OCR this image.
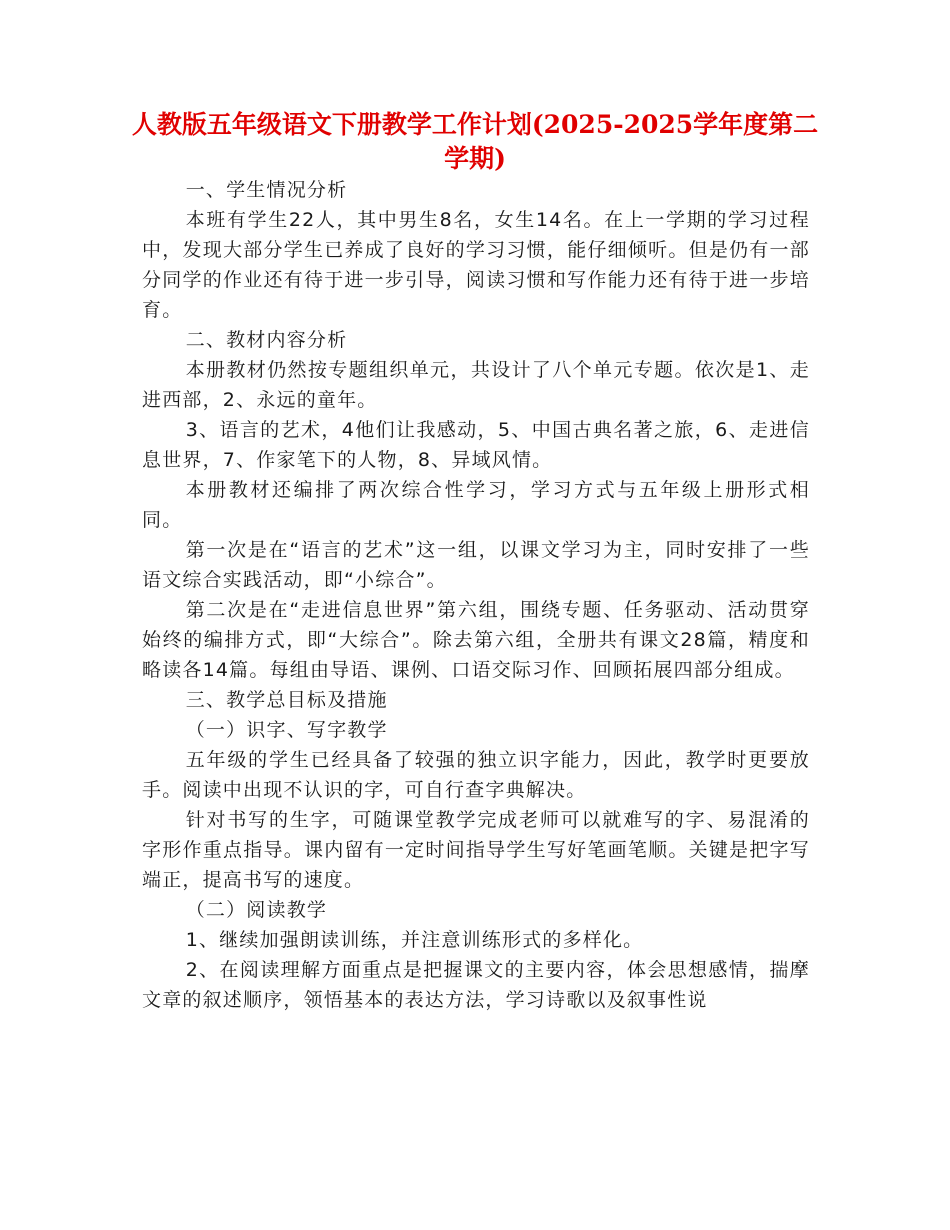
人教版五年级语文下册教学工作计划(2025-2025学年度第二学期)

一、学生情况分析

本班有学生22人，其中男生8名，女生14名。在上一学期的学习过程中，发现大部分学生已养成了良好的学习习惯，能仔细倾听。但是仍有一部分同学的作业还有待于进一步引导，阅读习惯和写作能力还有待于进一步培育。

二、教材内容分析

本册教材仍然按专题组织单元，共设计了八个单元专题。依次是1、走进西部，2、永远的童年。

3、语言的艺术，4他们让我感动，5、中国古典名著之旅，6、走进信息世界，7、作家笔下的人物，8、异域风情。

本册教材还编排了两次综合性学习，学习方式与五年级上册形式相同。

第一次是在“语言的艺术”这一组，以课文学习为主，同时安排了一些语文综合实践活动，即“小综合”。

第二次是在“走进信息世界”第六组，围绕专题、任务驱动、活动贯穿始终的编排方式，即“大综合”。除去第六组，全册共有课文28篇，精度和略读各14篇。每组由导语、课例、口语交际习作、回顾拓展四部分组成。

三、教学总目标及措施

（一）识字、写字教学

五年级的学生已经具备了较强的独立识字能力，因此，教学时更要放手。阅读中出现不认识的字，可自行查字典解决。

针对书写的生字，可随课堂教学完成老师可以就难写的字、易混淆的字形作重点指导。课内留有一定时间指导学生写好笔画笔顺。关键是把字写端正，提高书写的速度。

（二）阅读教学

1、继续加强朗读训练，并注意训练形式的多样化。

2、在阅读理解方面重点是把握课文的主要内容，体会思想感情，揣摩文章的叙述顺序，领悟基本的表达方法，学习诗歌以及叙事性说
